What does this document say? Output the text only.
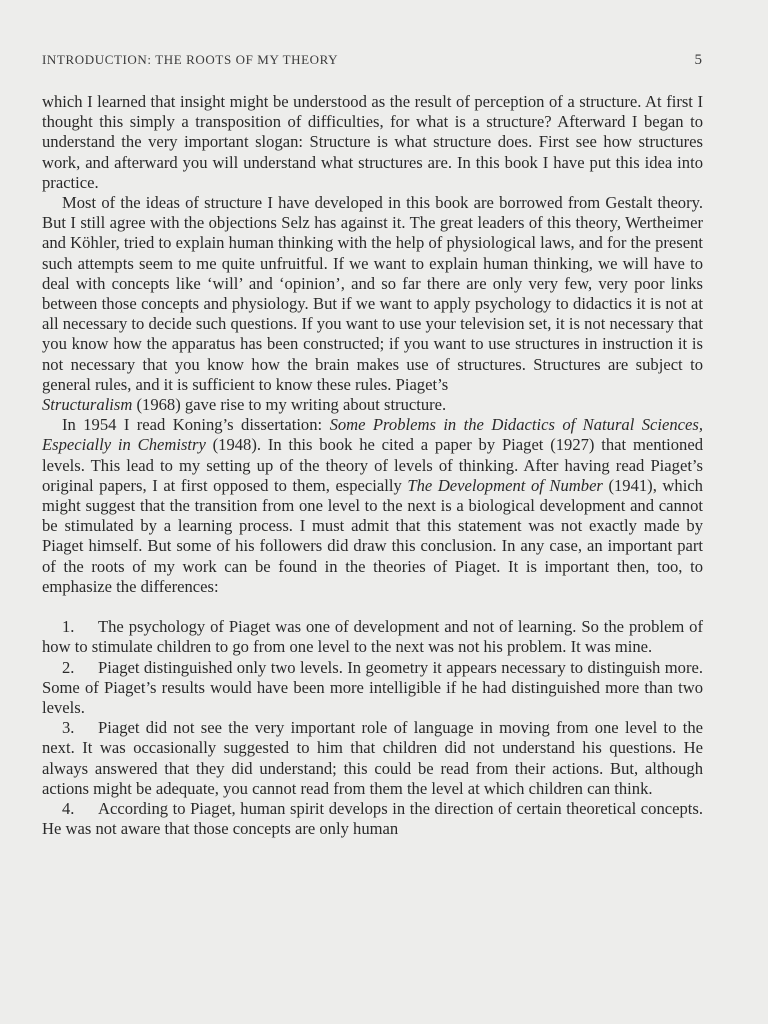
INTRODUCTION: THE ROOTS OF MY THEORY	5

which I learned that insight might be understood as the result of perception of a structure. At first I thought this simply a transposition of difficulties, for what is a structure? Afterward I began to understand the very important slogan: Structure is what structure does. First see how structures work, and afterward you will understand what structures are. In this book I have put this idea into practice.

Most of the ideas of structure I have developed in this book are borrowed from Gestalt theory. But I still agree with the objections Selz has against it. The great leaders of this theory, Wertheimer and Köhler, tried to explain human thinking with the help of physiological laws, and for the present such attempts seem to me quite unfruitful. If we want to explain human thinking, we will have to deal with concepts like ‘will’ and ‘opinion’, and so far there are only very few, very poor links between those concepts and physiology. But if we want to apply psychology to didactics it is not at all necessary to decide such questions. If you want to use your television set, it is not necessary that you know how the apparatus has been constructed; if you want to use structures in instruction it is not necessary that you know how the brain makes use of structures. Structures are subject to general rules, and it is sufficient to know these rules. Piaget’s
Structuralism (1968) gave rise to my writing about structure.

In 1954 I read Koning’s dissertation: Some Problems in the Didactics of Natural Sciences, Especially in Chemistry (1948). In this book he cited a paper by Piaget (1927) that mentioned levels. This lead to my setting up of the theory of levels of thinking. After having read Piaget’s original papers, I at first opposed to them, especially The Development of Number (1941), which might suggest that the transition from one level to the next is a biological development and cannot be stimulated by a learning process. I must admit that this statement was not exactly made by Piaget himself. But some of his followers did draw this conclusion. In any case, an important part of the roots of my work can be found in the theories of Piaget. It is important then, too, to emphasize the differences:

1. The psychology of Piaget was one of development and not of learning. So the problem of how to stimulate children to go from one level to the next was not his problem. It was mine.

2. Piaget distinguished only two levels. In geometry it appears necessary to distinguish more. Some of Piaget’s results would have been more intelligible if he had distinguished more than two levels.

3. Piaget did not see the very important role of language in moving from one level to the next. It was occasionally suggested to him that children did not understand his questions. He always answered that they did understand; this could be read from their actions. But, although actions might be adequate, you cannot read from them the level at which children can think.

4. According to Piaget, human spirit develops in the direction of certain theoretical concepts. He was not aware that those concepts are only human
